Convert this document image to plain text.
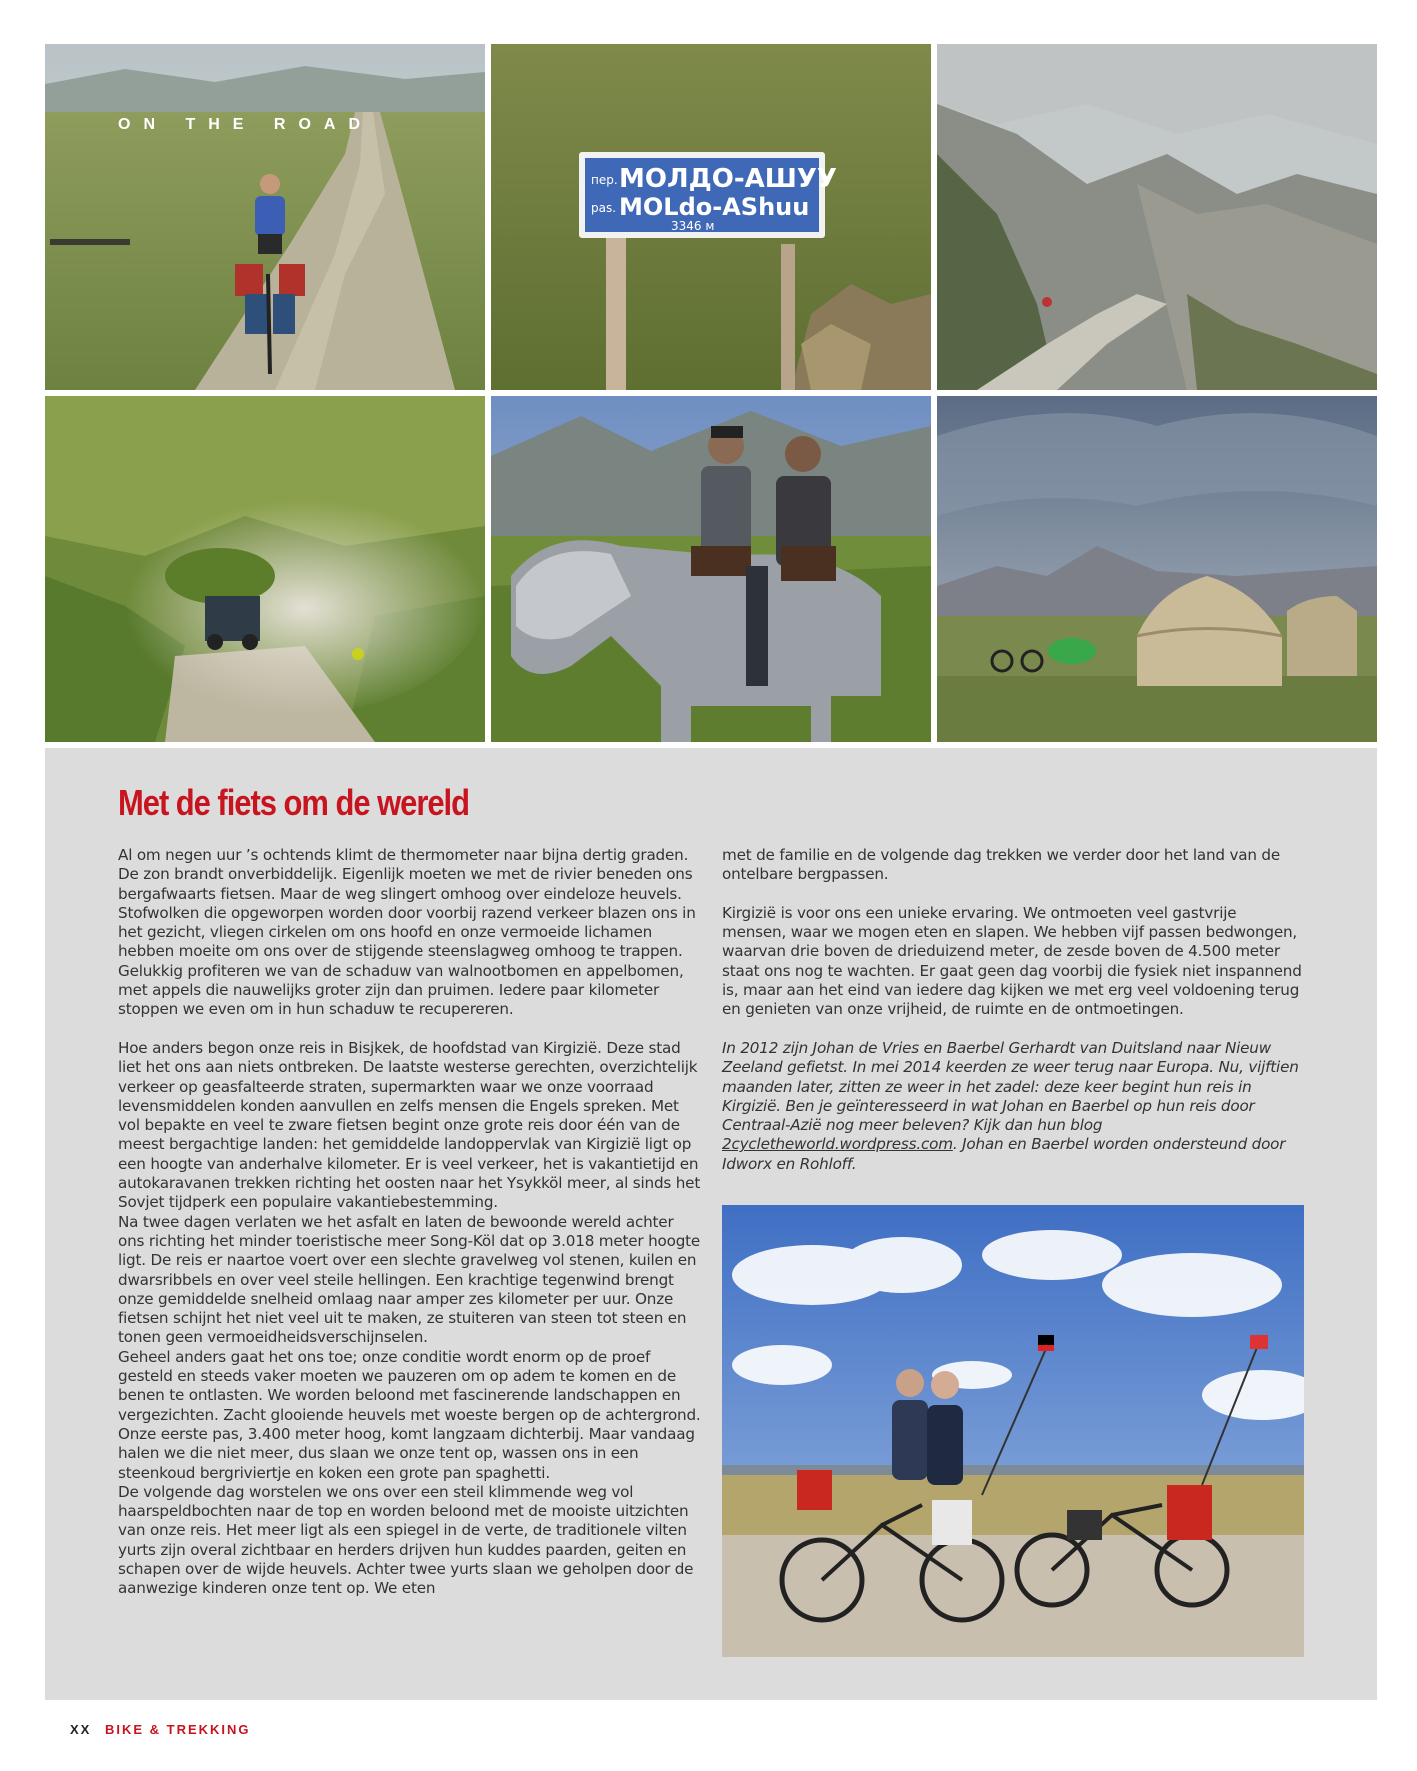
ON THE ROAD
пер. МОЛДО-АШУУ
pas. MOLdo-AShuu
3346 м
Met de fiets om de wereld

Al om negen uur ’s ochtends klimt de thermometer naar bijna dertig graden. De zon brandt onverbiddelijk. Eigenlijk moeten we met de rivier beneden ons bergafwaarts fietsen. Maar de weg slingert omhoog over eindeloze heuvels. Stofwolken die opgeworpen worden door voorbij razend verkeer blazen ons in het gezicht, vliegen cirkelen om ons hoofd en onze vermoeide lichamen hebben moeite om ons over de stijgende steenslagweg omhoog te trappen. Gelukkig profiteren we van de schaduw van walnootbomen en appelbomen, met appels die nauwelijks groter zijn dan pruimen. Iedere paar kilometer stoppen we even om in hun schaduw te recupereren.

Hoe anders begon onze reis in Bisjkek, de hoofdstad van Kirgizië. Deze stad liet het ons aan niets ontbreken. De laatste westerse gerechten, overzichtelijk verkeer op geasfalteerde straten, supermarkten waar we onze voorraad levensmiddelen konden aanvullen en zelfs mensen die Engels spreken. Met vol bepakte en veel te zware fietsen begint onze grote reis door één van de meest bergachtige landen: het gemiddelde landoppervlak van Kirgizië ligt op een hoogte van anderhalve kilometer. Er is veel verkeer, het is vakantietijd en autokaravanen trekken richting het oosten naar het Ysykköl meer, al sinds het Sovjet tijdperk een populaire vakantiebestemming.

Na twee dagen verlaten we het asfalt en laten de bewoonde wereld achter ons richting het minder toeristische meer Song-Köl dat op 3.018 meter hoogte ligt. De reis er naartoe voert over een slechte gravelweg vol stenen, kuilen en dwarsribbels en over veel steile hellingen. Een krachtige tegenwind brengt onze gemiddelde snelheid omlaag naar amper zes kilometer per uur. Onze fietsen schijnt het niet veel uit te maken, ze stuiteren van steen tot steen en tonen geen vermoeidheidsverschijnselen.

Geheel anders gaat het ons toe; onze conditie wordt enorm op de proef gesteld en steeds vaker moeten we pauzeren om op adem te komen en de benen te ontlasten. We worden beloond met fascinerende landschappen en vergezichten. Zacht glooiende heuvels met woeste bergen op de achtergrond. Onze eerste pas, 3.400 meter hoog, komt langzaam dichterbij. Maar vandaag halen we die niet meer, dus slaan we onze tent op, wassen ons in een steenkoud bergriviertje en koken een grote pan spaghetti.

De volgende dag worstelen we ons over een steil klimmende weg vol haarspeldbochten naar de top en worden beloond met de mooiste uitzichten van onze reis. Het meer ligt als een spiegel in de verte, de traditionele vilten yurts zijn overal zichtbaar en herders drijven hun kuddes paarden, geiten en schapen over de wijde heuvels. Achter twee yurts slaan we geholpen door de aanwezige kinderen onze tent op. We eten

met de familie en de volgende dag trekken we verder door het land van de ontelbare bergpassen.

Kirgizië is voor ons een unieke ervaring. We ontmoeten veel gastvrije mensen, waar we mogen eten en slapen. We hebben vijf passen bedwongen, waarvan drie boven de drieduizend meter, de zesde boven de 4.500 meter staat ons nog te wachten. Er gaat geen dag voorbij die fysiek niet inspannend is, maar aan het eind van iedere dag kijken we met erg veel voldoening terug en genieten van onze vrijheid, de ruimte en de ontmoetingen.

In 2012 zijn Johan de Vries en Baerbel Gerhardt van Duitsland naar Nieuw Zeeland gefietst. In mei 2014 keerden ze weer terug naar Europa. Nu, vijftien maanden later, zitten ze weer in het zadel: deze keer begint hun reis in Kirgizië. Ben je geïnteresseerd in wat Johan en Baerbel op hun reis door Centraal-Azië nog meer beleven? Kijk dan hun blog 2cycletheworld.wordpress.com. Johan en Baerbel worden ondersteund door Idworx en Rohloff.

XX BIKE & TREKKING
